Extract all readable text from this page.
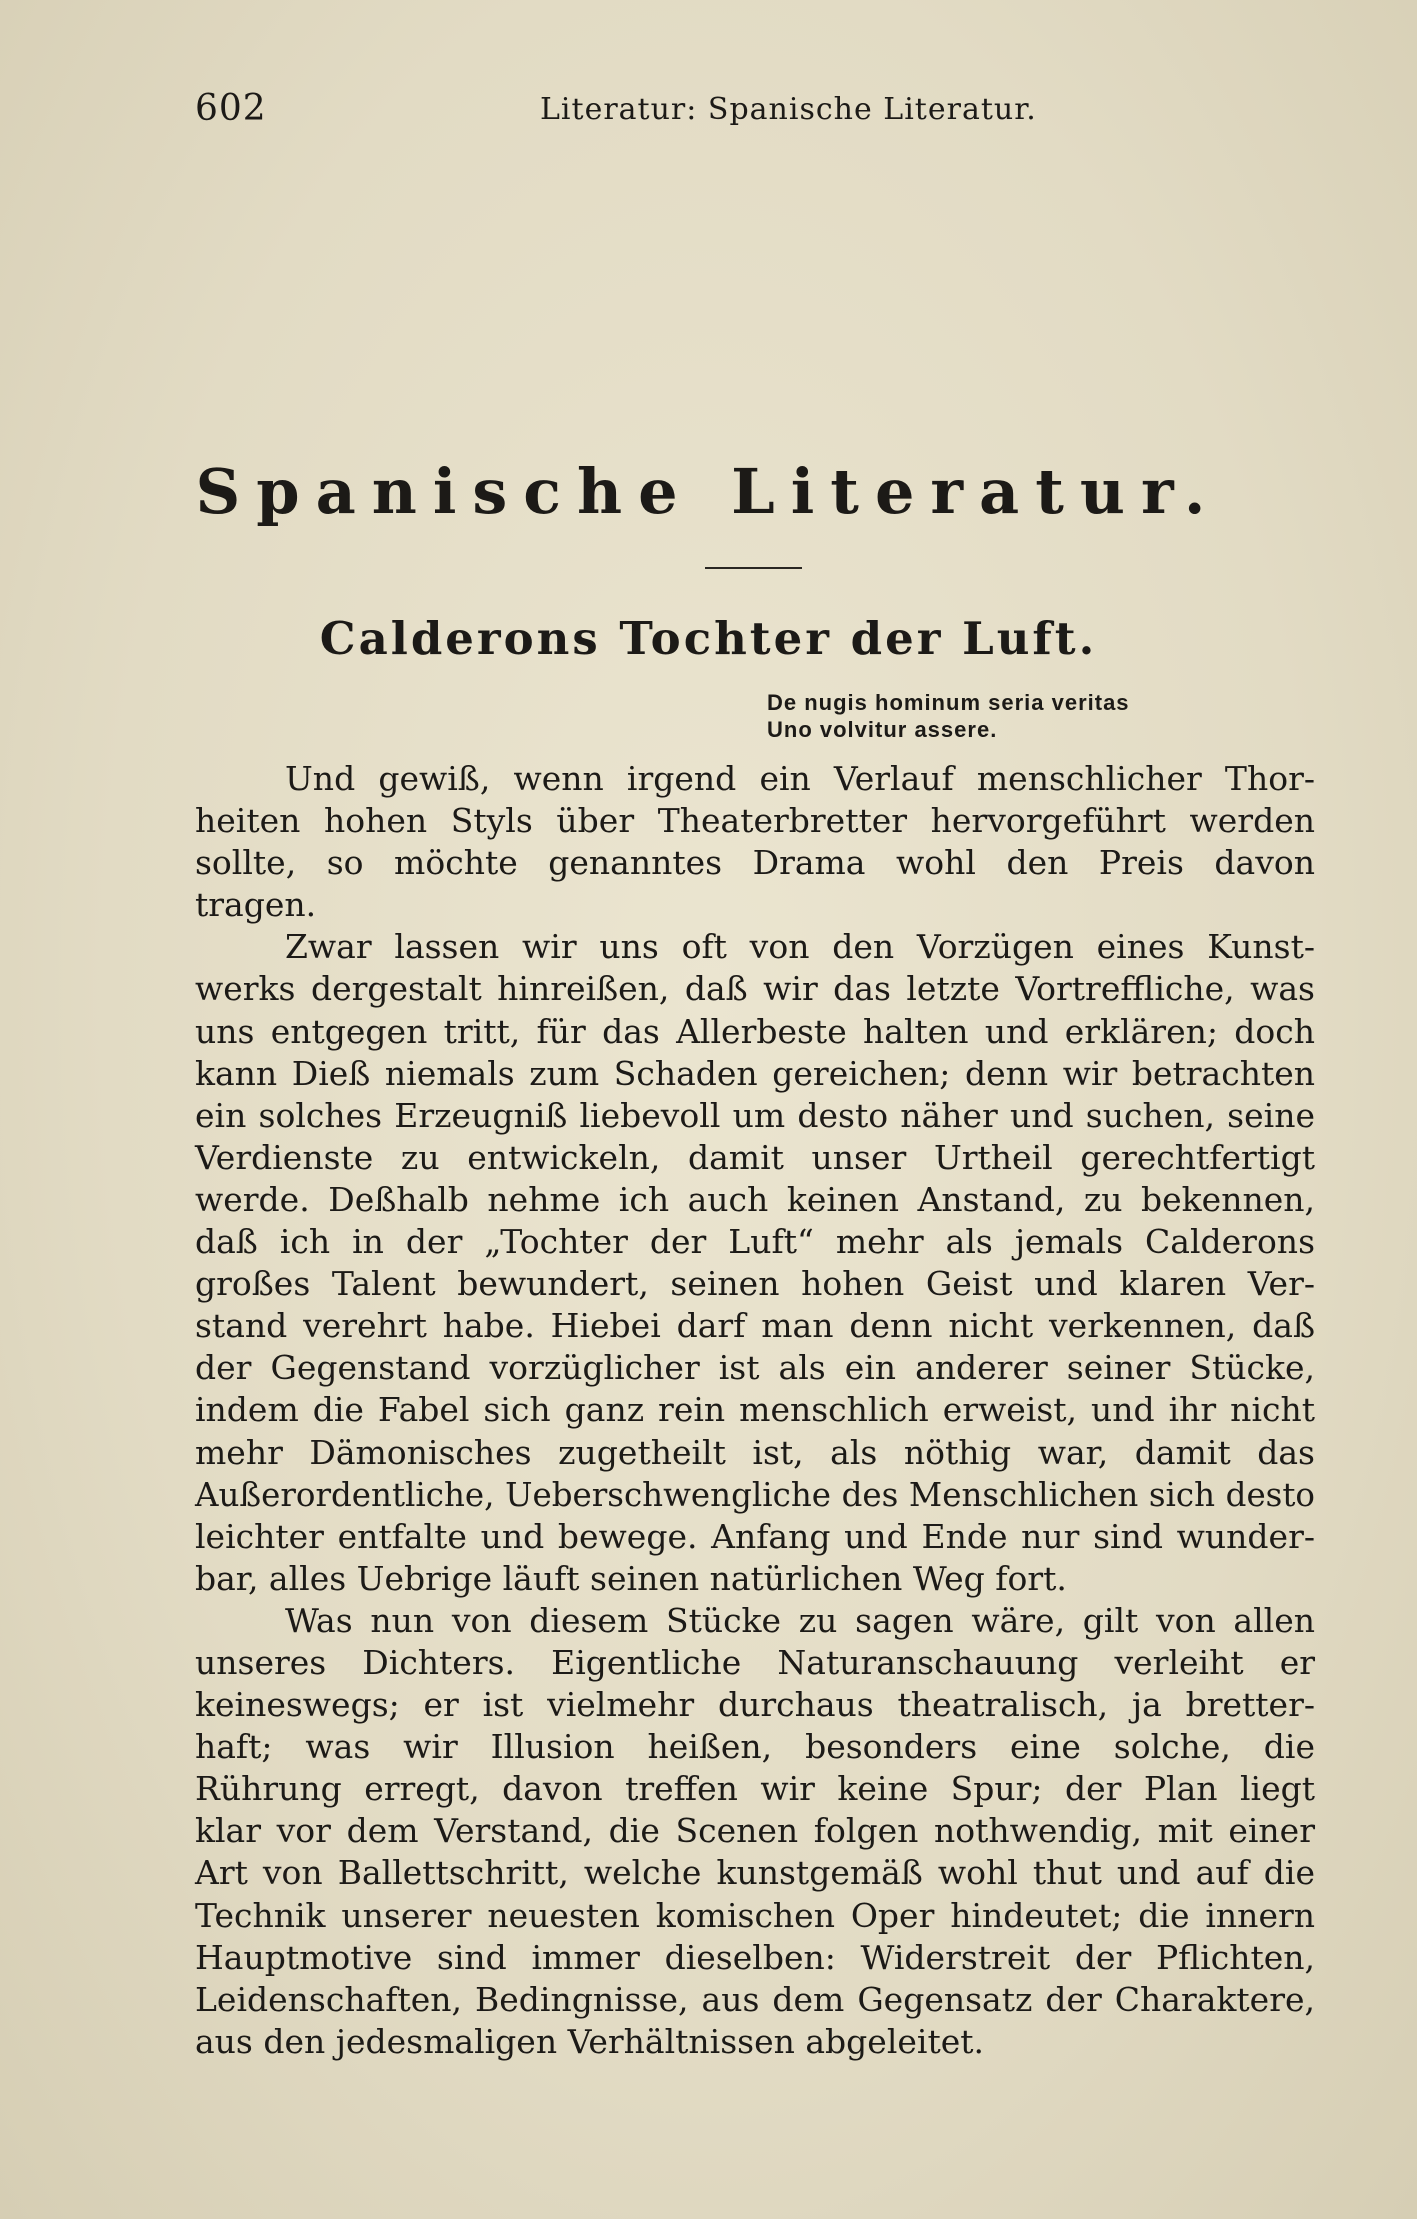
602	Literatur: Spanische Literatur.
Spanische Literatur.
Calderons Tochter der Luft.
De nugis hominum seria veritas
Uno volvitur assere.
Und gewiß, wenn irgend ein Verlauf menschlicher Thor-
heiten hohen Styls über Theaterbretter hervorgeführt werden
sollte, so möchte genanntes Drama wohl den Preis davon
tragen.
Zwar lassen wir uns oft von den Vorzügen eines Kunst-
werks dergestalt hinreißen, daß wir das letzte Vortreffliche, was
uns entgegen tritt, für das Allerbeste halten und erklären; doch
kann Dieß niemals zum Schaden gereichen; denn wir betrachten
ein solches Erzeugniß liebevoll um desto näher und suchen, seine
Verdienste zu entwickeln, damit unser Urtheil gerechtfertigt
werde. Deßhalb nehme ich auch keinen Anstand, zu bekennen,
daß ich in der „Tochter der Luft“ mehr als jemals Calderons
großes Talent bewundert, seinen hohen Geist und klaren Ver-
stand verehrt habe. Hiebei darf man denn nicht verkennen, daß
der Gegenstand vorzüglicher ist als ein anderer seiner Stücke,
indem die Fabel sich ganz rein menschlich erweist, und ihr nicht
mehr Dämonisches zugetheilt ist, als nöthig war, damit das
Außerordentliche, Ueberschwengliche des Menschlichen sich desto
leichter entfalte und bewege. Anfang und Ende nur sind wunder-
bar, alles Uebrige läuft seinen natürlichen Weg fort.
Was nun von diesem Stücke zu sagen wäre, gilt von allen
unseres Dichters. Eigentliche Naturanschauung verleiht er
keineswegs; er ist vielmehr durchaus theatralisch, ja bretter-
haft; was wir Illusion heißen, besonders eine solche, die
Rührung erregt, davon treffen wir keine Spur; der Plan liegt
klar vor dem Verstand, die Scenen folgen nothwendig, mit einer
Art von Ballettschritt, welche kunstgemäß wohl thut und auf die
Technik unserer neuesten komischen Oper hindeutet; die innern
Hauptmotive sind immer dieselben: Widerstreit der Pflichten,
Leidenschaften, Bedingnisse, aus dem Gegensatz der Charaktere,
aus den jedesmaligen Verhältnissen abgeleitet.
